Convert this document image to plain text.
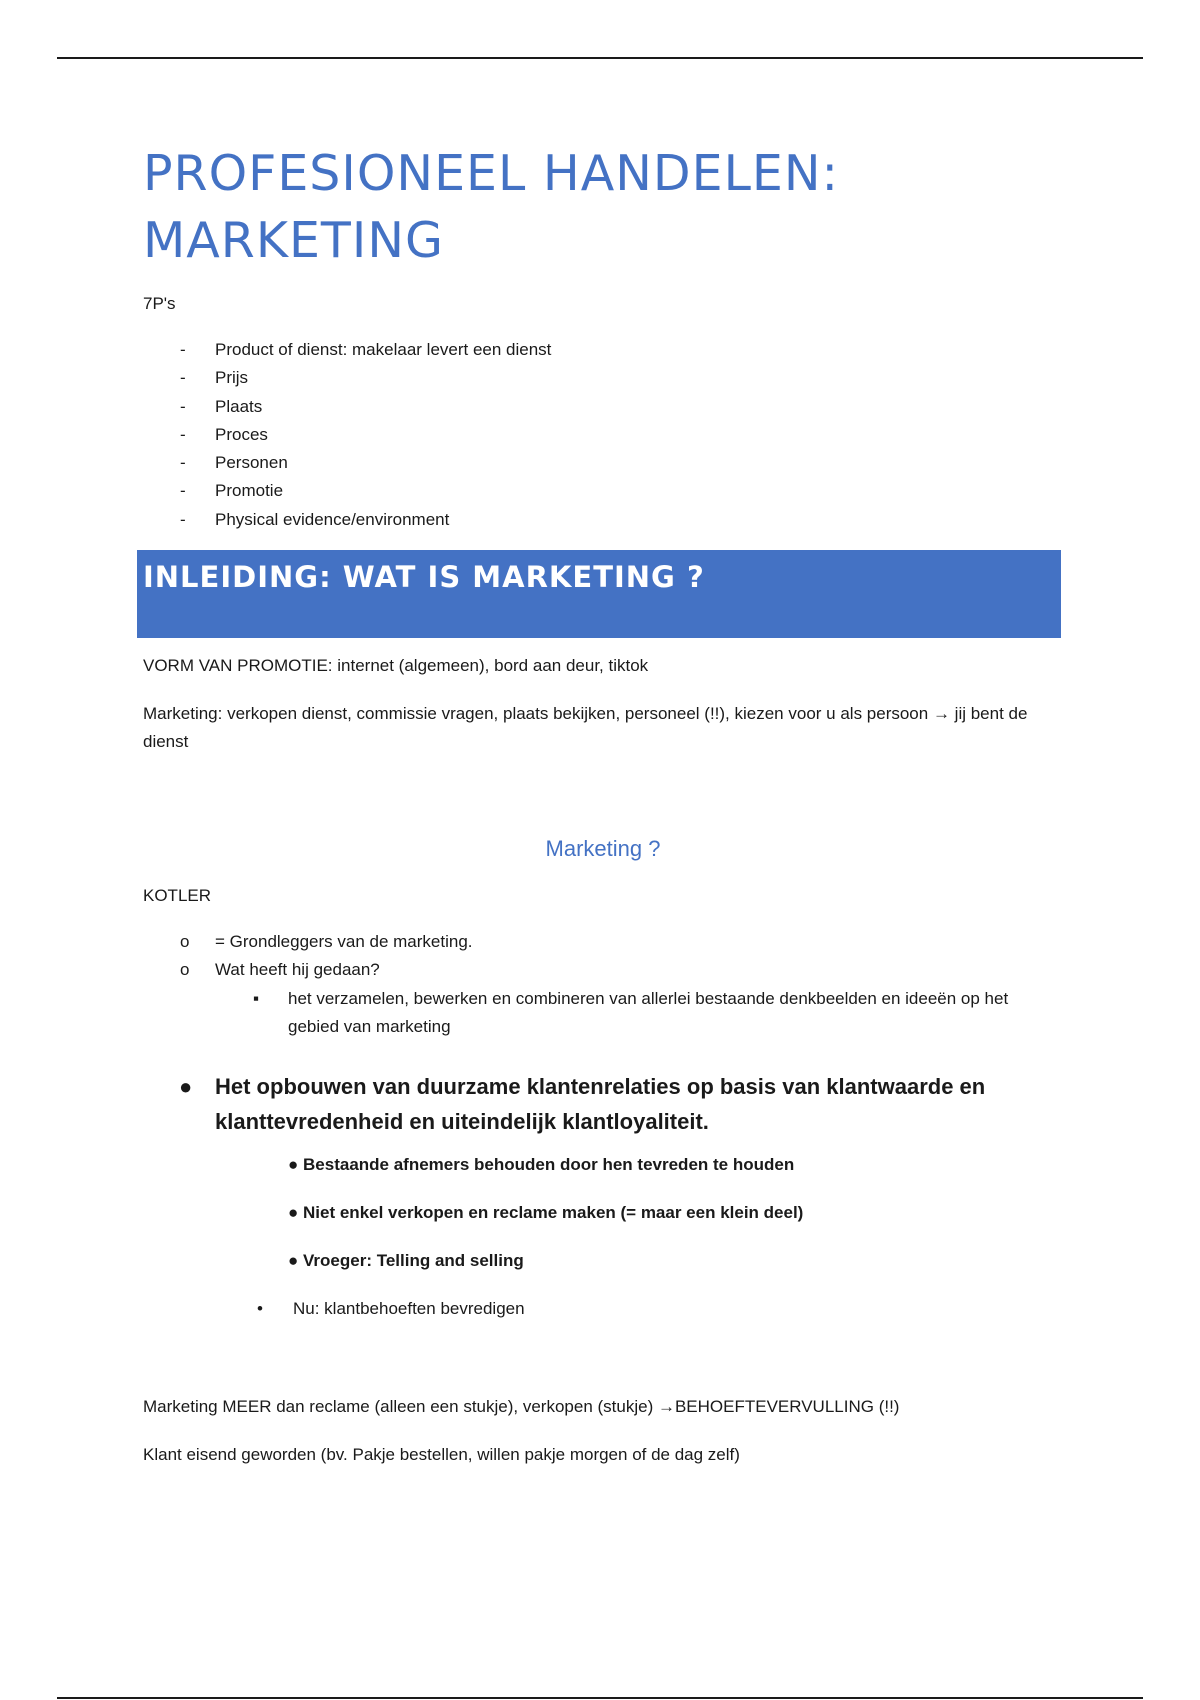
PROFESIONEEL HANDELEN:
MARKETING

7P's

- Product of dienst: makelaar levert een dienst
- Prijs
- Plaats
- Proces
- Personen
- Promotie
- Physical evidence/environment
INLEIDING: WAT IS MARKETING ?

VORM VAN PROMOTIE: internet (algemeen), bord aan deur, tiktok

Marketing: verkopen dienst, commissie vragen, plaats bekijken, personeel (!!), kiezen voor u als persoon → jij bent de dienst

Marketing ?

KOTLER

o = Grondleggers van de marketing.
o Wat heeft hij gedaan?
▪ het verzamelen, bewerken en combineren van allerlei bestaande denkbeelden en ideeën op het gebied van marketing
● Het opbouwen van duurzame klantenrelaties op basis van klantwaarde en klanttevredenheid en uiteindelijk klantloyaliteit.
● Bestaande afnemers behouden door hen tevreden te houden
● Niet enkel verkopen en reclame maken (= maar een klein deel)
● Vroeger: Telling and selling
• Nu: klantbehoeften bevredigen

Marketing MEER dan reclame (alleen een stukje), verkopen (stukje) →BEHOEFTEVERVULLING (!!)

Klant eisend geworden (bv. Pakje bestellen, willen pakje morgen of de dag zelf)
